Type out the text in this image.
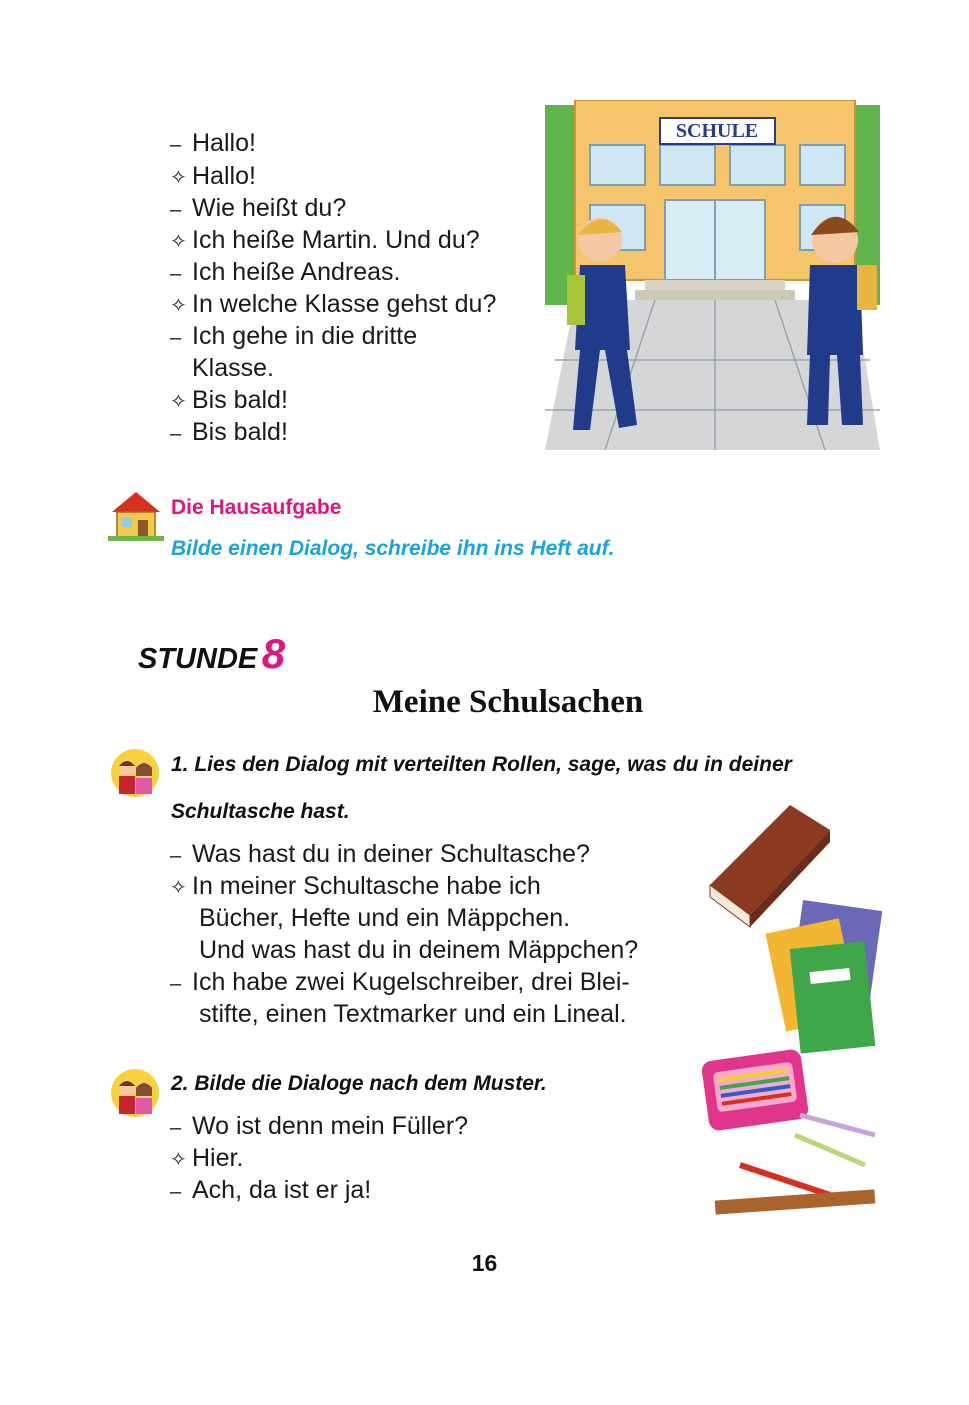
– Hallo!
✧ Hallo!
– Wie heißt du?
✧ Ich heiße Martin. Und du?
– Ich heiße Andreas.
✧ In welche Klasse gehst du?
– Ich gehe in die dritte
Klasse.
✧ Bis bald!
– Bis bald!
SCHULE
Die Hausaufgabe
Bilde einen Dialog, schreibe ihn ins Heft auf.
STUNDE 8
Meine Schulsachen
1. Lies den Dialog mit verteilten Rollen, sage, was du in deiner
Schultasche hast.
– Was hast du in deiner Schultasche?
✧ In meiner Schultasche habe ich
Bücher, Hefte und ein Mäppchen.
Und was hast du in deinem Mäppchen?
– Ich habe zwei Kugelschreiber, drei Blei-
stifte, einen Textmarker und ein Lineal.
2. Bilde die Dialoge nach dem Muster.
– Wo ist denn mein Füller?
✧ Hier.
– Ach, da ist er ja!
16
